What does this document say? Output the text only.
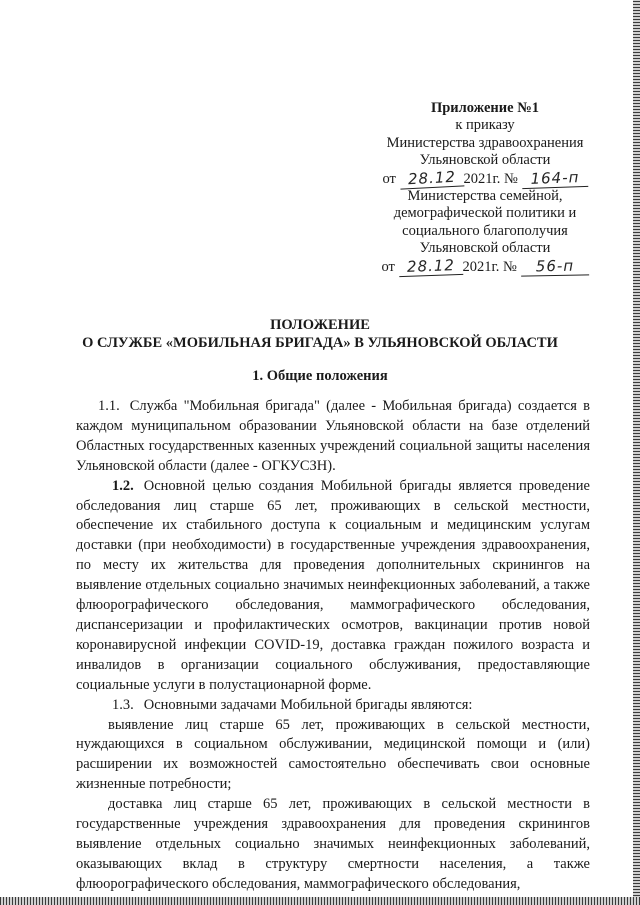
Приложение №1
к приказу
Министерства здравоохранения
Ульяновской области
от 28.12 2021г. № 164-п
Министерства семейной,
демографической политики и
социального благополучия
Ульяновской области
от 28.12 2021г. № 56-п
ПОЛОЖЕНИЕ
О СЛУЖБЕ «МОБИЛЬНАЯ БРИГАДА» В УЛЬЯНОВСКОЙ ОБЛАСТИ
1. Общие положения

1.1. Служба "Мобильная бригада" (далее - Мобильная бригада) создается в каждом муниципальном образовании Ульяновской области на базе отделений Областных государственных казенных учреждений социальной защиты населения Ульяновской области (далее - ОГКУСЗН).

1.2. Основной целью создания Мобильной бригады является проведение обследования лиц старше 65 лет, проживающих в сельской местности, обеспечение их стабильного доступа к социальным и медицинским услугам доставки (при необходимости) в государственные учреждения здравоохранения, по месту их жительства для проведения дополнительных скринингов на выявление отдельных социально значимых неинфекционных заболеваний, а также флюорографического обследования, маммографического обследования, диспансеризации и профилактических осмотров, вакцинации против новой коронавирусной инфекции COVID-19, доставка граждан пожилого возраста и инвалидов в организации социального обслуживания, предоставляющие социальные услуги в полустационарной форме.

1.3. Основными задачами Мобильной бригады являются:

выявление лиц старше 65 лет, проживающих в сельской местности, нуждающихся в социальном обслуживании, медицинской помощи и (или) расширении их возможностей самостоятельно обеспечивать свои основные жизненные потребности;

доставка лиц старше 65 лет, проживающих в сельской местности в государственные учреждения здравоохранения для проведения скринингов выявление отдельных социально значимых неинфекционных заболеваний, оказывающих вклад в структуру смертности населения, а также флюорографического обследования, маммографического обследования,
